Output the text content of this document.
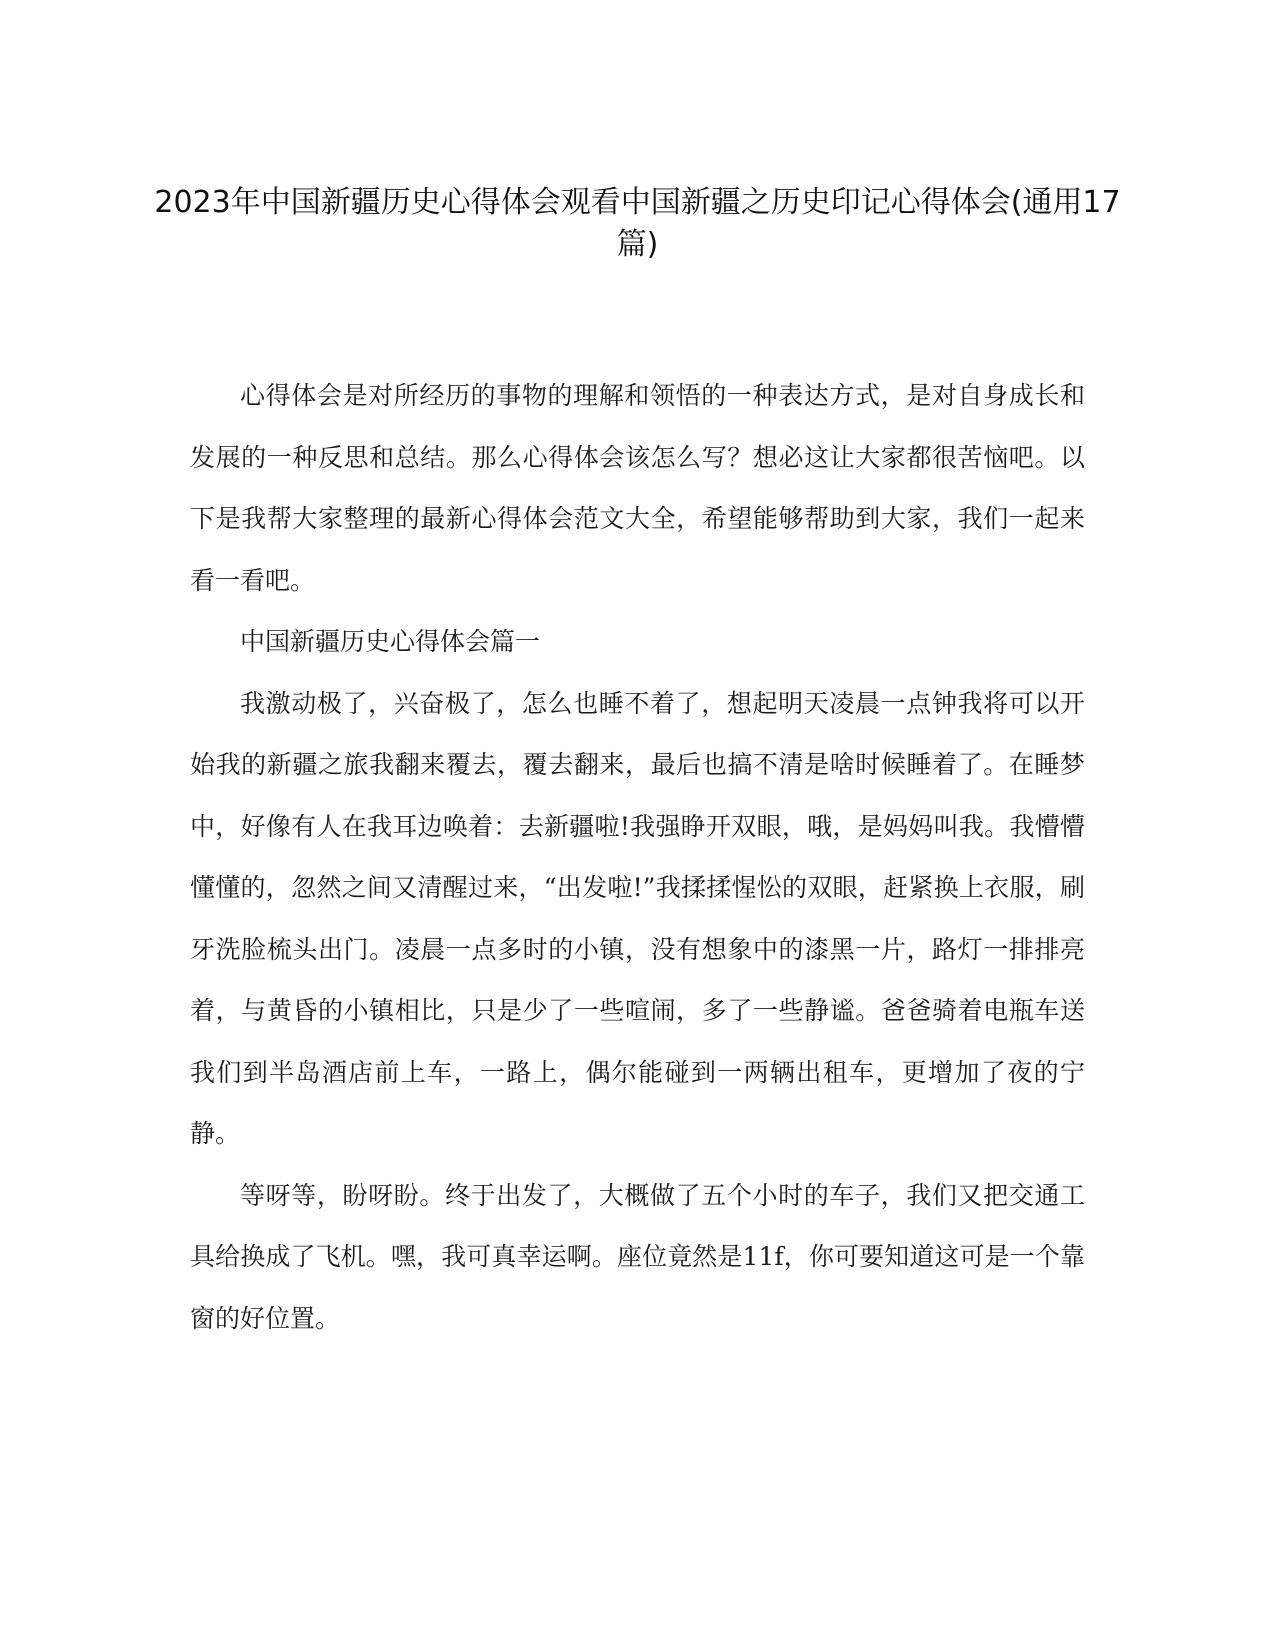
2023年中国新疆历史心得体会观看中国新疆之历史印记心得体会(通用17篇)

心得体会是对所经历的事物的理解和领悟的一种表达方式，是对自身成长和发展的一种反思和总结。那么心得体会该怎么写？想必这让大家都很苦恼吧。以下是我帮大家整理的最新心得体会范文大全，希望能够帮助到大家，我们一起来看一看吧。

中国新疆历史心得体会篇一

我激动极了，兴奋极了，怎么也睡不着了，想起明天凌晨一点钟我将可以开始我的新疆之旅我翻来覆去，覆去翻来，最后也搞不清是啥时候睡着了。在睡梦中，好像有人在我耳边唤着：去新疆啦!我强睁开双眼，哦，是妈妈叫我。我懵懵懂懂的，忽然之间又清醒过来，“出发啦!”我揉揉惺忪的双眼，赶紧换上衣服，刷牙洗脸梳头出门。凌晨一点多时的小镇，没有想象中的漆黑一片，路灯一排排亮着，与黄昏的小镇相比，只是少了一些喧闹，多了一些静谧。爸爸骑着电瓶车送我们到半岛酒店前上车，一路上，偶尔能碰到一两辆出租车，更增加了夜的宁静。

等呀等，盼呀盼。终于出发了，大概做了五个小时的车子，我们又把交通工具给换成了飞机。嘿，我可真幸运啊。座位竟然是11f，你可要知道这可是一个靠窗的好位置。
